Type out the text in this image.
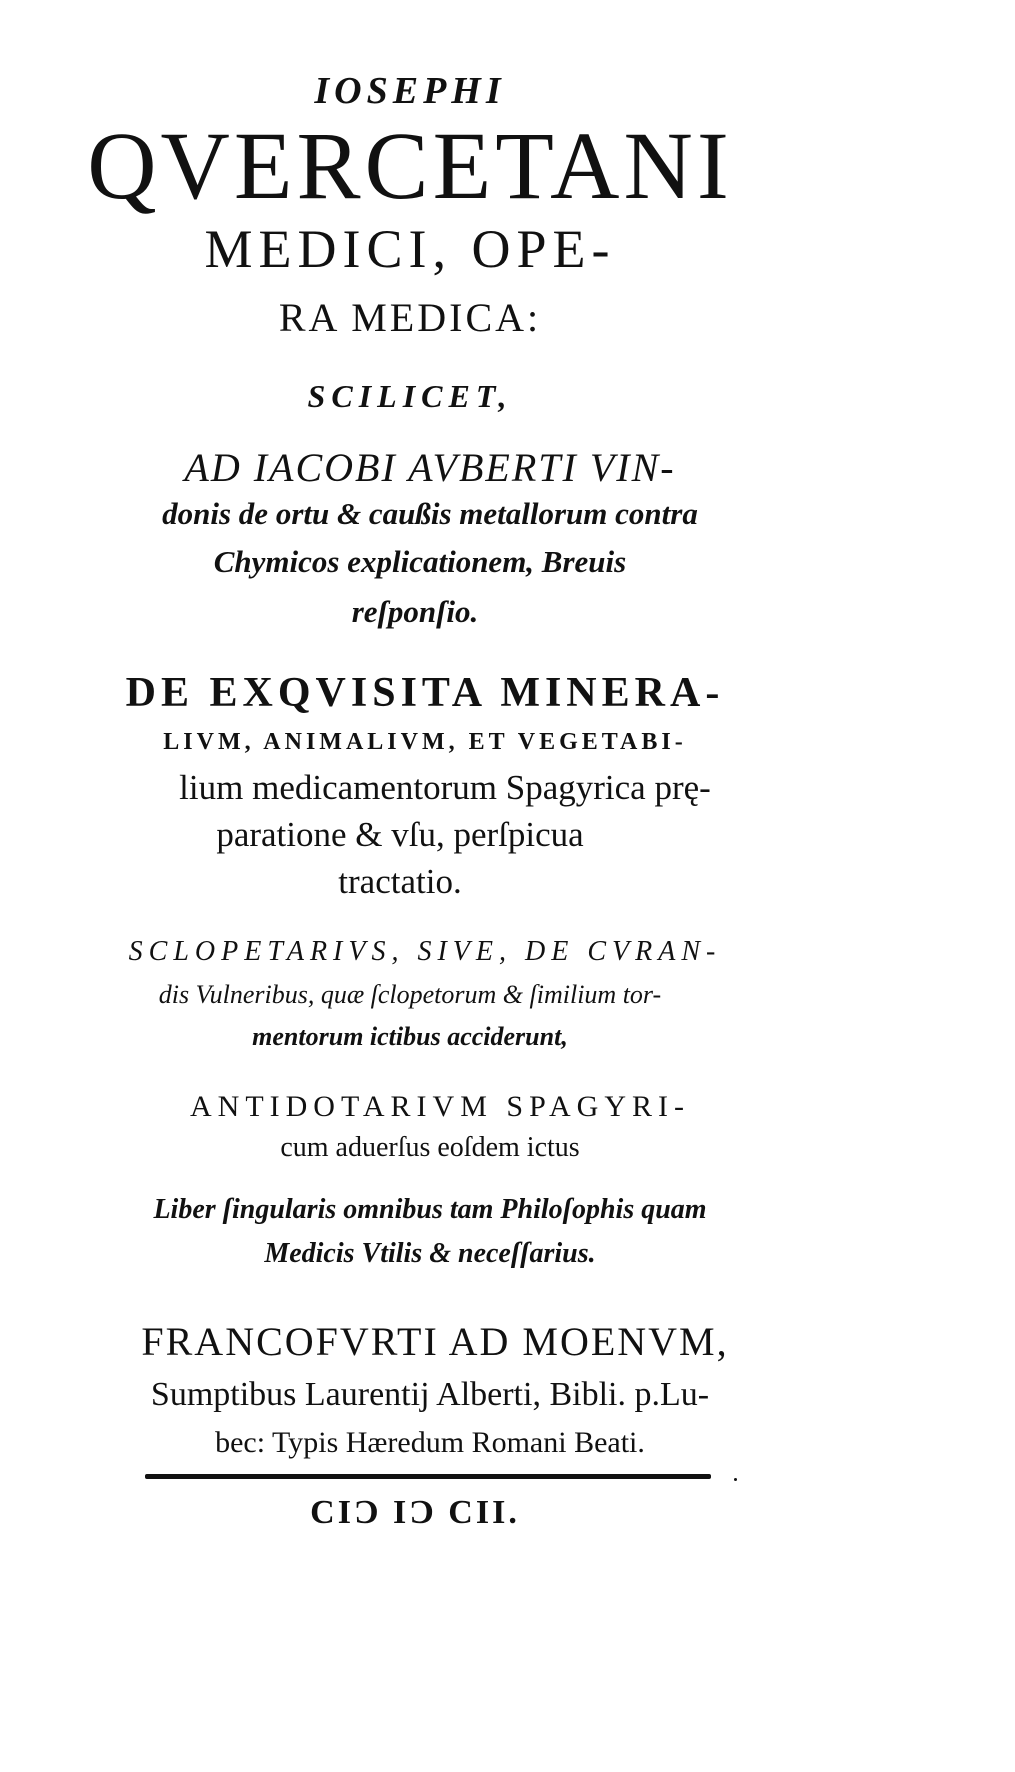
IOSEPHI
QVERCETANI
MEDICI, OPE-
RA MEDICA:
SCILICET,
AD IACOBI AVBERTI VIN-
donis de ortu & caußis metallorum contra
Chymicos explicationem, Breuis
reſponſio.
DE EXQVISITA MINERA-
LIVM, ANIMALIVM, ET VEGETABI-
lium medicamentorum Spagyrica prę-
paratione & vſu, perſpicua
tractatio.
SCLOPETARIVS, SIVE, DE CVRAN-
dis Vulneribus, quæ ſclopetorum & ſimilium tor-
mentorum ictibus acciderunt,
ANTIDOTARIVM SPAGYRI-
cum aduerſus eoſdem ictus
Liber ſingularis omnibus tam Philoſophis quam
Medicis Vtilis & neceſſarius.
FRANCOFVRTI AD MOENVM,
Sumptibus Laurentij Alberti, Bibli. p.Lu-
bec: Typis Hæredum Romani Beati.
CIƆ IƆ CII.
